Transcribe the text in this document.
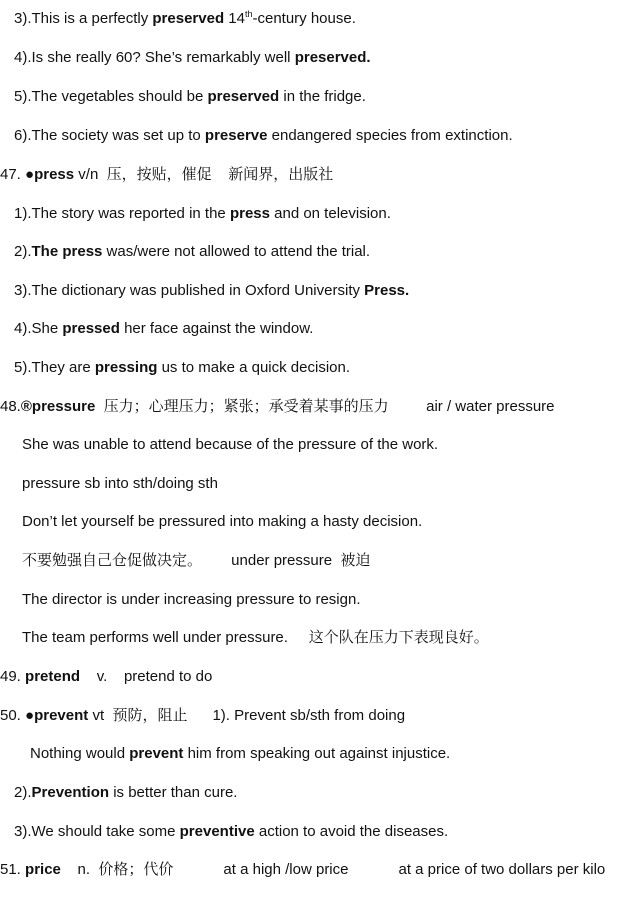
3).This is a perfectly preserved 14th-century house.
4).Is she really 60? She’s remarkably well preserved.
5).The vegetables should be preserved in the fridge.
6).The society was set up to preserve endangered species from extinction.
47. ●press v/n  压，按贴，催促    新闻界，出版社
1).The story was reported in the press and on television.
2).The press was/were not allowed to attend the trial.
3).The dictionary was published in Oxford University Press.
4).She pressed her face against the window.
5).They are pressing us to make a quick decision.
48.®pressure  压力；心理压力；紧张；承受着某事的压力         air / water pressure
She was unable to attend because of the pressure of the work.
pressure sb into sth/doing sth
Don’t let yourself be pressured into making a hasty decision.
不要勉强自己仓促做决定。       under pressure  被迫
The director is under increasing pressure to resign.
The team performs well under pressure.     这个队在压力下表现良好。
49. pretend    v.    pretend to do
50. ●prevent vt  预防，阻止      1). Prevent sb/sth from doing
Nothing would prevent him from speaking out against injustice.
2).Prevention is better than cure.
3).We should take some preventive action to avoid the diseases.
51. price    n.  价格；代价            at a high /low price            at a price of two dollars per kilo
